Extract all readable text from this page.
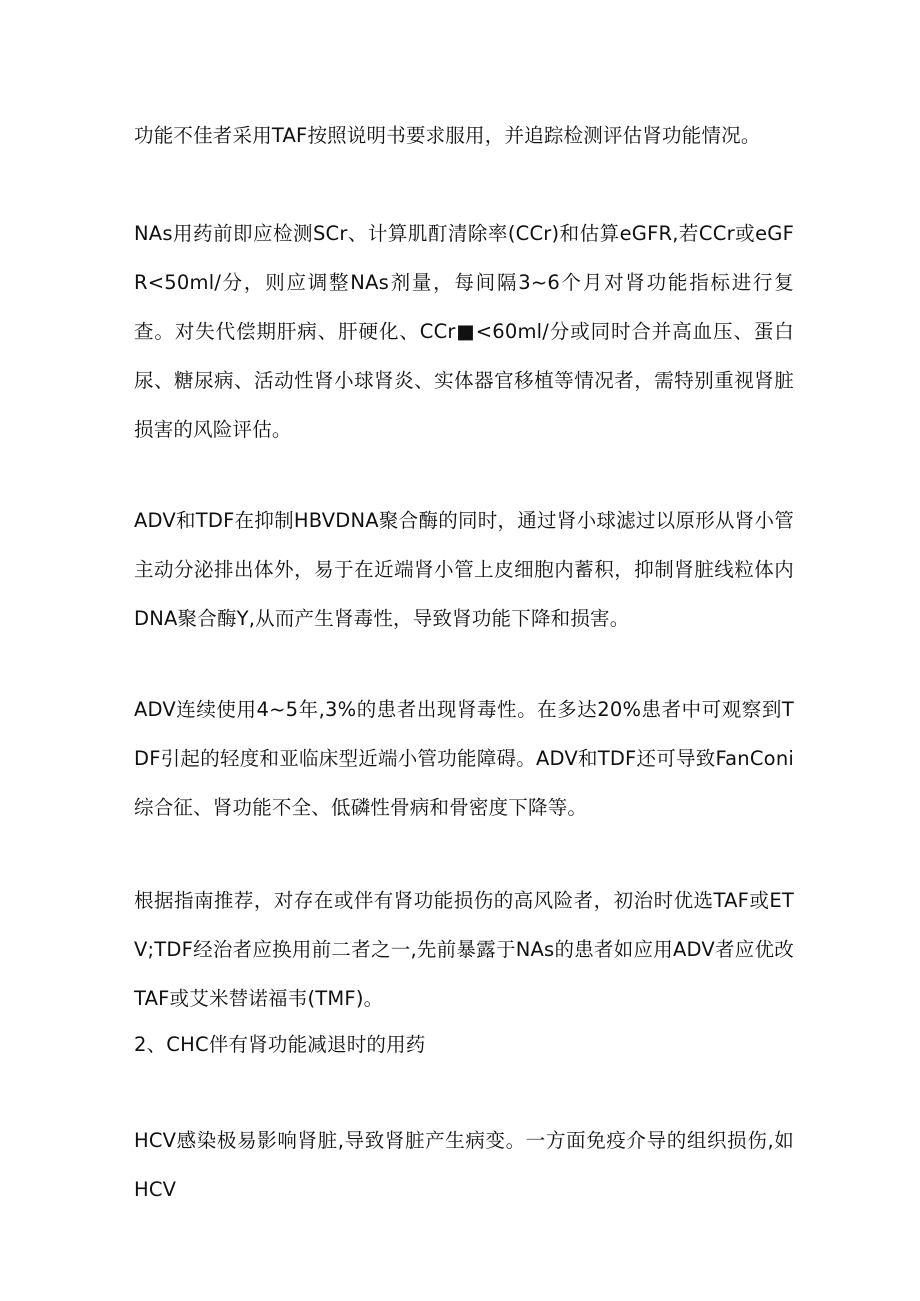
功能不佳者采用TAF按照说明书要求服用，并追踪检测评估肾功能情况。

NAs用药前即应检测SCr、计算肌酊清除率(CCr)和估算eGFR,若CCr或eGFR<50ml/分，则应调整NAs剂量，每间隔3~6个月对肾功能指标进行复查。对失代偿期肝病、肝硬化、CCr■<60ml/分或同时合并高血压、蛋白尿、糖尿病、活动性肾小球肾炎、实体器官移植等情况者，需特别重视肾脏损害的风险评估。

ADV和TDF在抑制HBVDNA聚合酶的同时，通过肾小球滤过以原形从肾小管主动分泌排出体外，易于在近端肾小管上皮细胞内蓄积，抑制肾脏线粒体内DNA聚合酶Y,从而产生肾毒性，导致肾功能下降和损害。

ADV连续使用4~5年,3%的患者出现肾毒性。在多达20%患者中可观察到TDF引起的轻度和亚临床型近端小管功能障碍。ADV和TDF还可导致FanConi综合征、肾功能不全、低磷性骨病和骨密度下降等。

根据指南推荐，对存在或伴有肾功能损伤的高风险者，初治时优选TAF或ETV;TDF经治者应换用前二者之一,先前暴露于NAs的患者如应用ADV者应优改TAF或艾米替诺福韦(TMF)。

2、CHC伴有肾功能减退时的用药

HCV感染极易影响肾脏,导致肾脏产生病变。一方面免疫介导的组织损伤,如HCV
